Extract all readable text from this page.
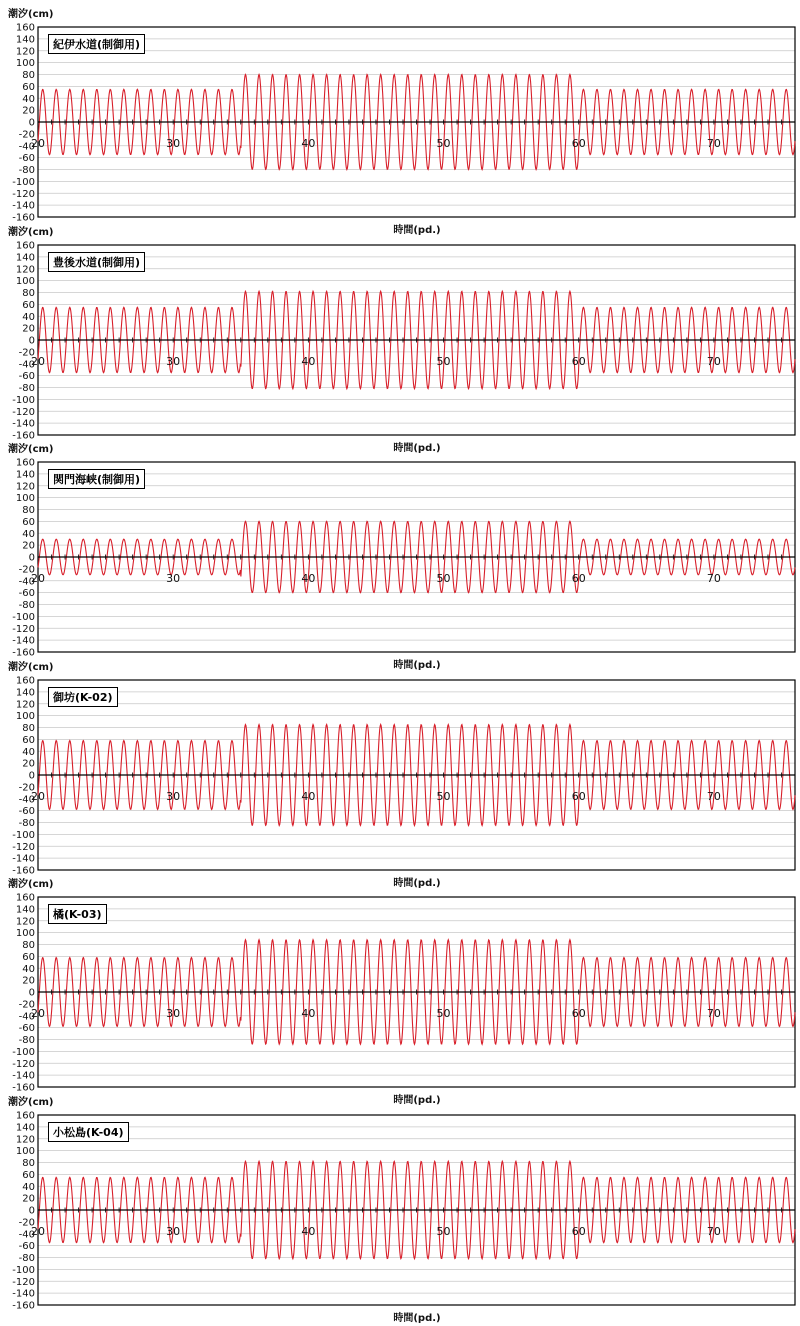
潮汐(cm)
時間(pd.)
160
140
120
100
80
60
40
20
0
-20
-40
-60
-80
-100
-120
-140
-160
20	30	40	50	60	70
紀伊水道(制御用)
潮汐(cm)
時間(pd.)
160
140
120
100
80
60
40
20
0
-20
-40
-60
-80
-100
-120
-140
-160
20	30	40	50	60	70
豊後水道(制御用)
潮汐(cm)
時間(pd.)
160
140
120
100
80
60
40
20
0
-20
-40
-60
-80
-100
-120
-140
-160
20	30	40	50	60	70
関門海峡(制御用)
潮汐(cm)
時間(pd.)
160
140
120
100
80
60
40
20
0
-20
-40
-60
-80
-100
-120
-140
-160
20	30	40	50	60	70
御坊(K-02)
潮汐(cm)
時間(pd.)
160
140
120
100
80
60
40
20
0
-20
-40
-60
-80
-100
-120
-140
-160
20	30	40	50	60	70
橘(K-03)
潮汐(cm)
時間(pd.)
160
140
120
100
80
60
40
20
0
-20
-40
-60
-80
-100
-120
-140
-160
20	30	40	50	60	70
小松島(K-04)
